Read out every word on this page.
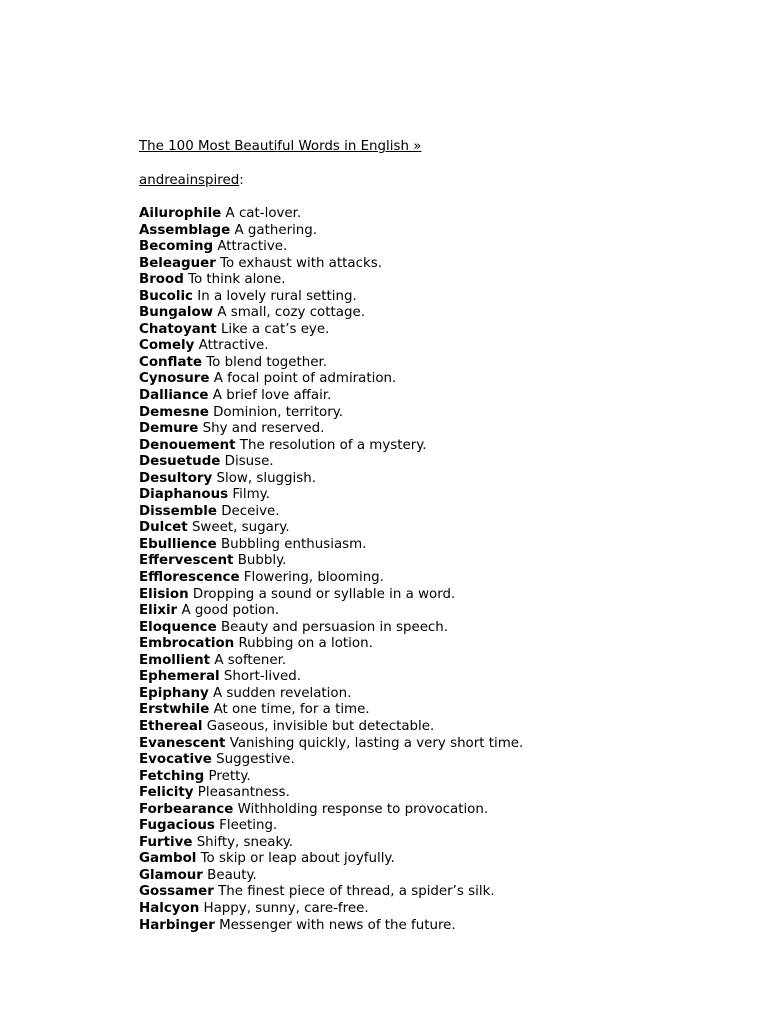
The 100 Most Beautiful Words in English »
andreainspired:
Ailurophile A cat-lover.
Assemblage A gathering.
Becoming Attractive.
Beleaguer To exhaust with attacks.
Brood To think alone.
Bucolic In a lovely rural setting.
Bungalow A small, cozy cottage.
Chatoyant Like a cat’s eye.
Comely Attractive.
Conflate To blend together.
Cynosure A focal point of admiration.
Dalliance A brief love affair.
Demesne Dominion, territory.
Demure Shy and reserved.
Denouement The resolution of a mystery.
Desuetude Disuse.
Desultory Slow, sluggish.
Diaphanous Filmy.
Dissemble Deceive.
Dulcet Sweet, sugary.
Ebullience Bubbling enthusiasm.
Effervescent Bubbly.
Efflorescence Flowering, blooming.
Elision Dropping a sound or syllable in a word.
Elixir A good potion.
Eloquence Beauty and persuasion in speech.
Embrocation Rubbing on a lotion.
Emollient A softener.
Ephemeral Short-lived.
Epiphany A sudden revelation.
Erstwhile At one time, for a time.
Ethereal Gaseous, invisible but detectable.
Evanescent Vanishing quickly, lasting a very short time.
Evocative Suggestive.
Fetching Pretty.
Felicity Pleasantness.
Forbearance Withholding response to provocation.
Fugacious Fleeting.
Furtive Shifty, sneaky.
Gambol To skip or leap about joyfully.
Glamour Beauty.
Gossamer The finest piece of thread, a spider’s silk.
Halcyon Happy, sunny, care-free.
Harbinger Messenger with news of the future.
